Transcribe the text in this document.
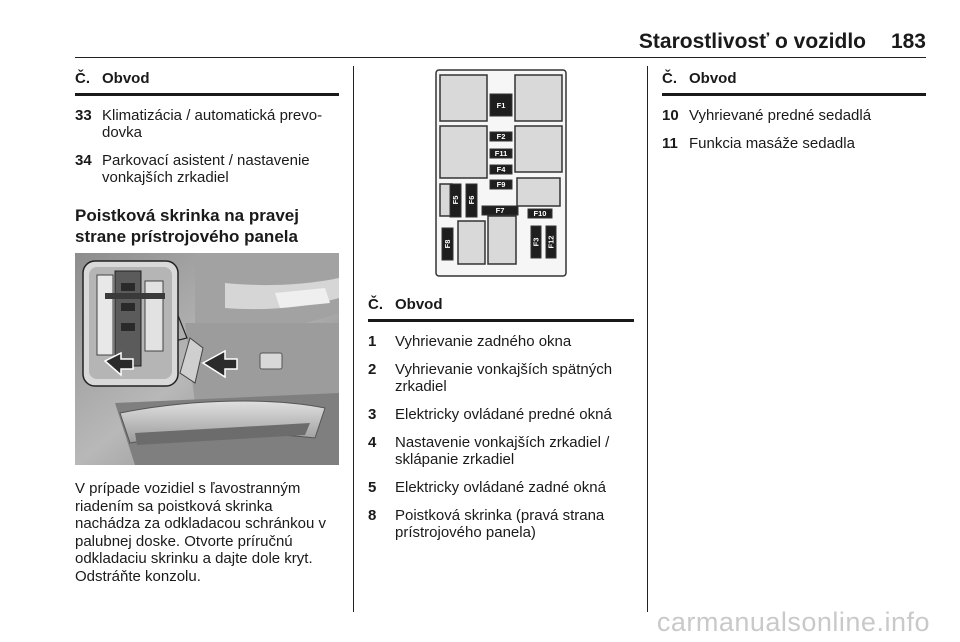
Starostlivosť o vozidlo 183
Č. Obvod
33 Klimatizácia / automatická prevodovka
34 Parkovací asistent / nastavenie vonkajších zrkadiel
Poistková skrinka na pravej strane prístrojového panela
V prípade vozidiel s ľavostranným riadením sa poistková skrinka nachádza za odkladacou schránkou v palubnej doske. Otvorte príručnú odkladaciu skrinku a dajte dole kryt. Odstráňte konzolu.
F1
F2
F11
F4
F9
F7	F10
F5 F6
F8	F3 F12
Č. Obvod
1	Vyhrievanie zadného okna
2	Vyhrievanie vonkajších spätných zrkadiel
3	Elektricky ovládané predné okná
4	Nastavenie vonkajších zrkadiel / sklápanie zrkadiel
5	Elektricky ovládané zadné okná
8	Poistková skrinka (pravá strana prístrojového panela)
Č. Obvod
10 Vyhrievané predné sedadlá
11 Funkcia masáže sedadla
carmanualsonline.info
